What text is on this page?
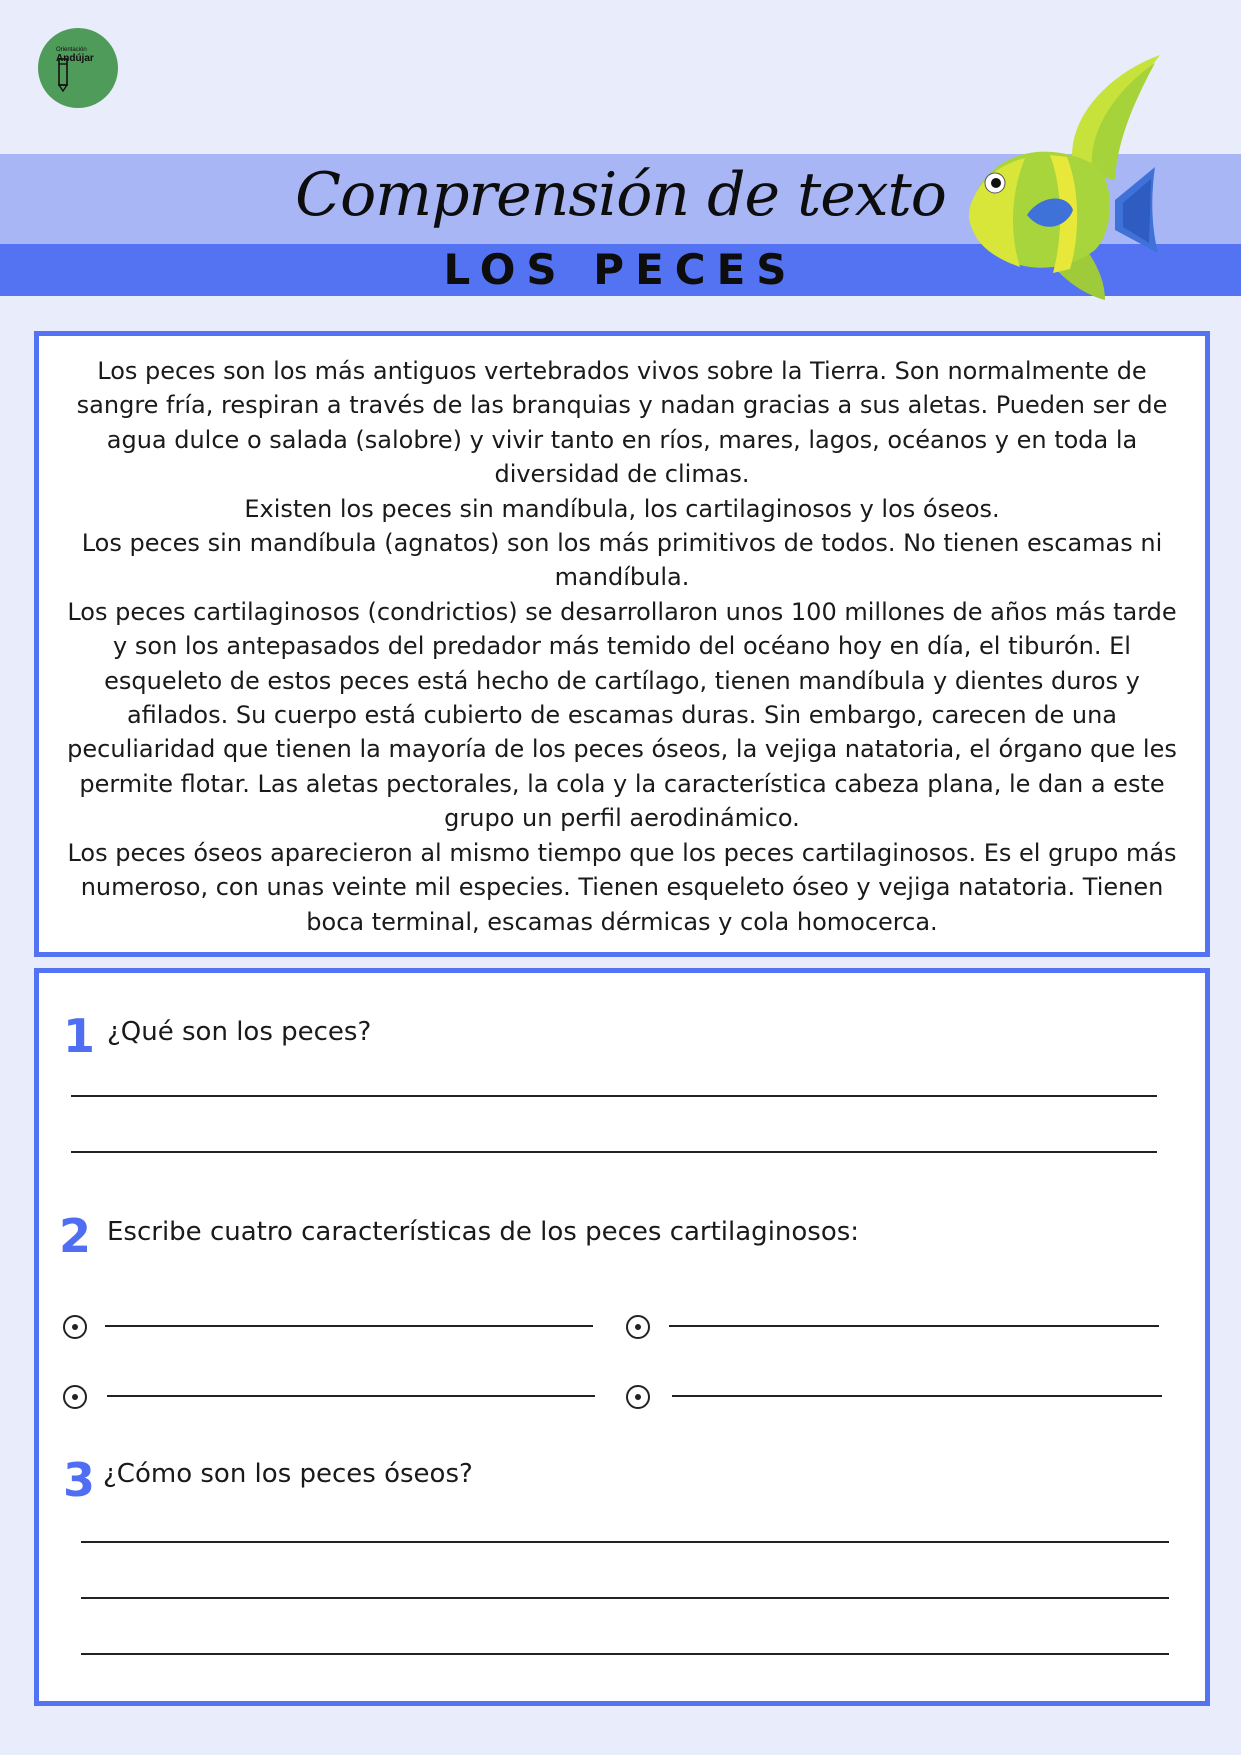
Orientación
Andújar
Comprensión de texto
LOS PECES

Los peces son los más antiguos vertebrados vivos sobre la Tierra. Son normalmente de sangre fría, respiran a través de las branquias y nadan gracias a sus aletas. Pueden ser de agua dulce o salada (salobre) y vivir tanto en ríos, mares, lagos, océanos y en toda la diversidad de climas.

Existen los peces sin mandíbula, los cartilaginosos y los óseos.

Los peces sin mandíbula (agnatos) son los más primitivos de todos. No tienen escamas ni mandíbula.

Los peces cartilaginosos (condrictios) se desarrollaron unos 100 millones de años más tarde y son los antepasados del predador más temido del océano hoy en día, el tiburón. El esqueleto de estos peces está hecho de cartílago, tienen mandíbula y dientes duros y afilados. Su cuerpo está cubierto de escamas duras. Sin embargo, carecen de una peculiaridad que tienen la mayoría de los peces óseos, la vejiga natatoria, el órgano que les permite flotar. Las aletas pectorales, la cola y la característica cabeza plana, le dan a este grupo un perfil aerodinámico.

Los peces óseos aparecieron al mismo tiempo que los peces cartilaginosos. Es el grupo más numeroso, con unas veinte mil especies. Tienen esqueleto óseo y vejiga natatoria. Tienen boca terminal, escamas dérmicas y cola homocerca.

1 ¿Qué son los peces?
2 Escribe cuatro características de los peces cartilaginosos:
3 ¿Cómo son los peces óseos?
